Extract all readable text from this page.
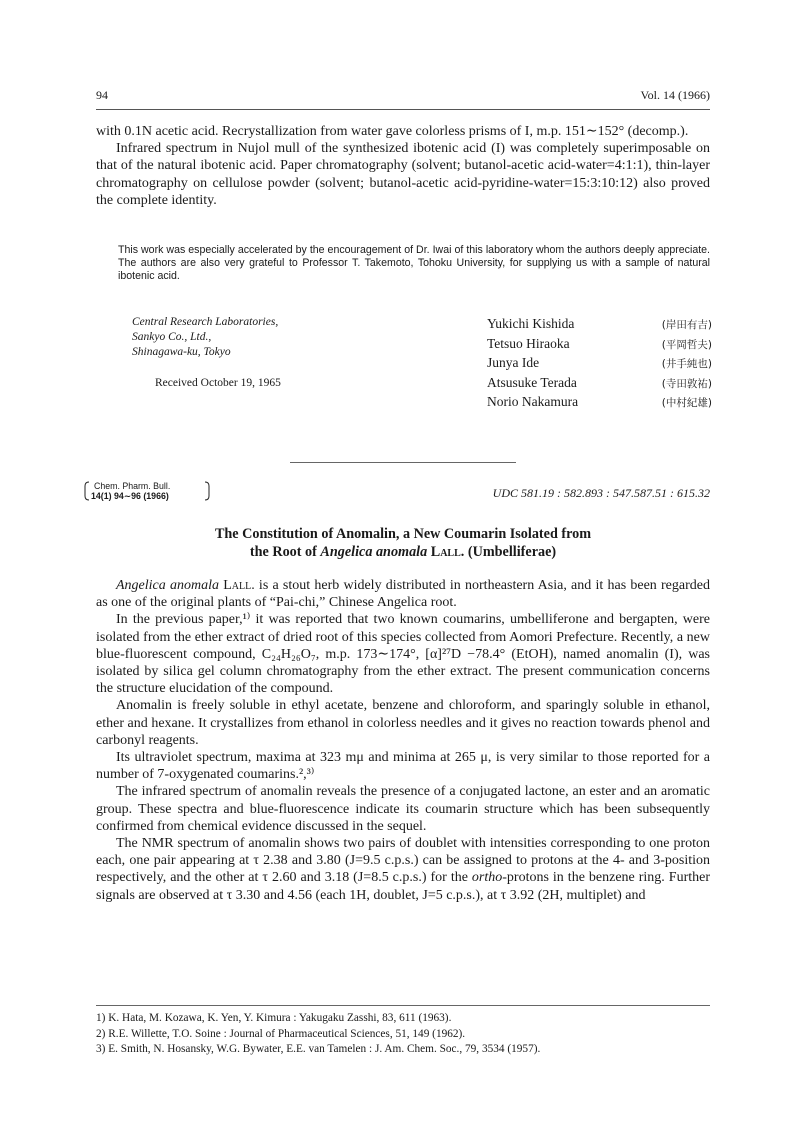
94	Vol. 14 (1966)

with 0.1N acetic acid. Recrystallization from water gave colorless prisms of I, m.p. 151∼152° (decomp.).

Infrared spectrum in Nujol mull of the synthesized ibotenic acid (I) was completely superimposable on that of the natural ibotenic acid. Paper chromatography (solvent; butanol-acetic acid-water=4:1:1), thin-layer chromatography on cellulose powder (solvent; butanol-acetic acid-pyridine-water=15:3:10:12) also proved the complete identity.

This work was especially accelerated by the encouragement of Dr. Iwai of this laboratory whom the authors deeply appreciate. The authors are also very grateful to Professor T. Takemoto, Tohoku University, for supplying us with a sample of natural ibotenic acid.
Central Research Laboratories,
Sankyo Co., Ltd.,
Shinagawa-ku, Tokyo
Received October 19, 1965
Yukichi Kishida	(岸田有吉)
Tetsuo Hiraoka	(平岡哲夫)
Junya Ide	(井手純也)
Atsusuke Terada	(寺田敦祐)
Norio Nakamura	(中村紀雄)
Chem. Pharm. Bull.
14(1) 94∼96 (1966)	UDC 581.19 : 582.893 : 547.587.51 : 615.32
The Constitution of Anomalin, a New Coumarin Isolated from
the Root of Angelica anomala Lall. (Umbelliferae)

Angelica anomala Lall. is a stout herb widely distributed in northeastern Asia, and it has been regarded as one of the original plants of “Pai-chi,” Chinese Angelica root.

In the previous paper,¹⁾ it was reported that two known coumarins, umbelliferone and bergapten, were isolated from the ether extract of dried root of this species collected from Aomori Prefecture. Recently, a new blue-fluorescent compound, C₂₄H₂₆O₇, m.p. 173∼174°, [α]²⁷D −78.4° (EtOH), named anomalin (I), was isolated by silica gel column chromatography from the ether extract. The present communication concerns the structure elucidation of the compound.

Anomalin is freely soluble in ethyl acetate, benzene and chloroform, and sparingly soluble in ethanol, ether and hexane. It crystallizes from ethanol in colorless needles and it gives no reaction towards phenol and carbonyl reagents.

Its ultraviolet spectrum, maxima at 323 mμ and minima at 265 μ, is very similar to those reported for a number of 7-oxygenated coumarins.²,³⁾

The infrared spectrum of anomalin reveals the presence of a conjugated lactone, an ester and an aromatic group. These spectra and blue-fluorescence indicate its coumarin structure which has been subsequently confirmed from chemical evidence discussed in the sequel.

The NMR spectrum of anomalin shows two pairs of doublet with intensities corresponding to one proton each, one pair appearing at τ 2.38 and 3.80 (J=9.5 c.p.s.) can be assigned to protons at the 4- and 3-position respectively, and the other at τ 2.60 and 3.18 (J=8.5 c.p.s.) for the ortho-protons in the benzene ring. Further signals are observed at τ 3.30 and 4.56 (each 1H, doublet, J=5 c.p.s.), at τ 3.92 (2H, multiplet) and

1) K. Hata, M. Kozawa, K. Yen, Y. Kimura : Yakugaku Zasshi, 83, 611 (1963).
2) R.E. Willette, T.O. Soine : Journal of Pharmaceutical Sciences, 51, 149 (1962).
3) E. Smith, N. Hosansky, W.G. Bywater, E.E. van Tamelen : J. Am. Chem. Soc., 79, 3534 (1957).
